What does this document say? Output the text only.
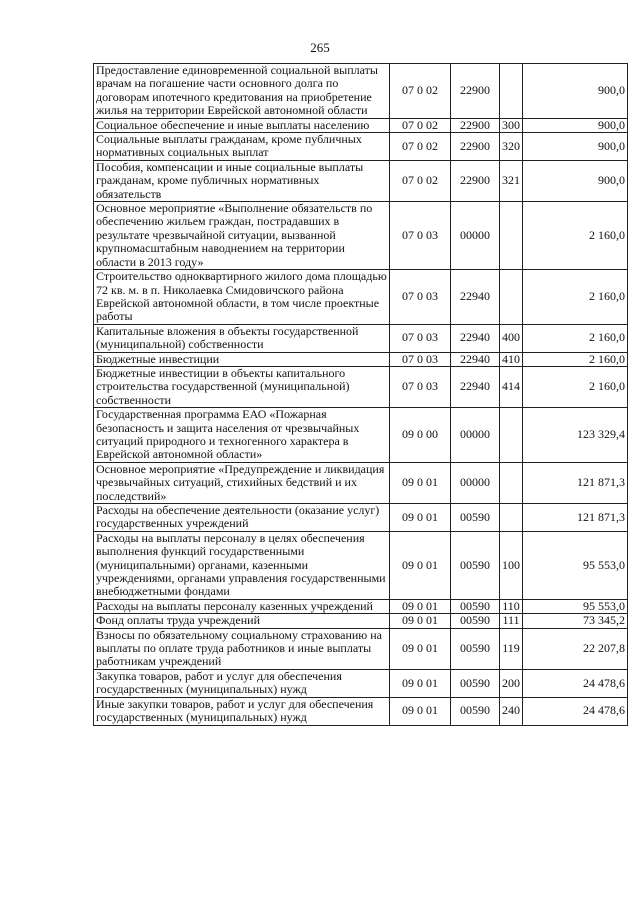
265
Предоставление единовременной социальной выплаты врачам на погашение части основного долга по договорам ипотечного кредитования на приобретение жилья на территории Еврейской автономной области	07 0 02	22900		900,0
Социальное обеспечение и иные выплаты населению	07 0 02	22900	300	900,0
Социальные выплаты гражданам, кроме публичных нормативных социальных выплат	07 0 02	22900	320	900,0
Пособия, компенсации и иные социальные выплаты гражданам, кроме публичных нормативных обязательств	07 0 02	22900	321	900,0
Основное мероприятие «Выполнение обязательств по обеспечению жильем граждан, пострадавших в результате чрезвычайной ситуации, вызванной крупномасштабным наводнением на территории области в 2013 году»	07 0 03	00000		2 160,0
Строительство одноквартирного жилого дома площадью 72 кв. м. в п. Николаевка Смидовичского района Еврейской автономной области, в том числе проектные работы	07 0 03	22940		2 160,0
Капитальные вложения в объекты государственной (муниципальной) собственности	07 0 03	22940	400	2 160,0
Бюджетные инвестиции	07 0 03	22940	410	2 160,0
Бюджетные инвестиции в объекты капитального строительства государственной (муниципальной) собственности	07 0 03	22940	414	2 160,0
Государственная программа ЕАО «Пожарная безопасность и защита населения от чрезвычайных ситуаций природного и техногенного характера в Еврейской автономной области»	09 0 00	00000		123 329,4
Основное мероприятие «Предупреждение и ликвидация чрезвычайных ситуаций, стихийных бедствий и их последствий»	09 0 01	00000		121 871,3
Расходы на обеспечение деятельности (оказание услуг) государственных учреждений	09 0 01	00590		121 871,3
Расходы на выплаты персоналу в целях обеспечения выполнения функций государственными (муниципальными) органами, казенными учреждениями, органами управления государственными внебюджетными фондами	09 0 01	00590	100	95 553,0
Расходы на выплаты персоналу казенных учреждений	09 0 01	00590	110	95 553,0
Фонд оплаты труда учреждений	09 0 01	00590	111	73 345,2
Взносы по обязательному социальному страхованию на выплаты по оплате труда работников и иные выплаты работникам учреждений	09 0 01	00590	119	22 207,8
Закупка товаров, работ и услуг для обеспечения государственных (муниципальных) нужд	09 0 01	00590	200	24 478,6
Иные закупки товаров, работ и услуг для обеспечения государственных (муниципальных) нужд	09 0 01	00590	240	24 478,6
